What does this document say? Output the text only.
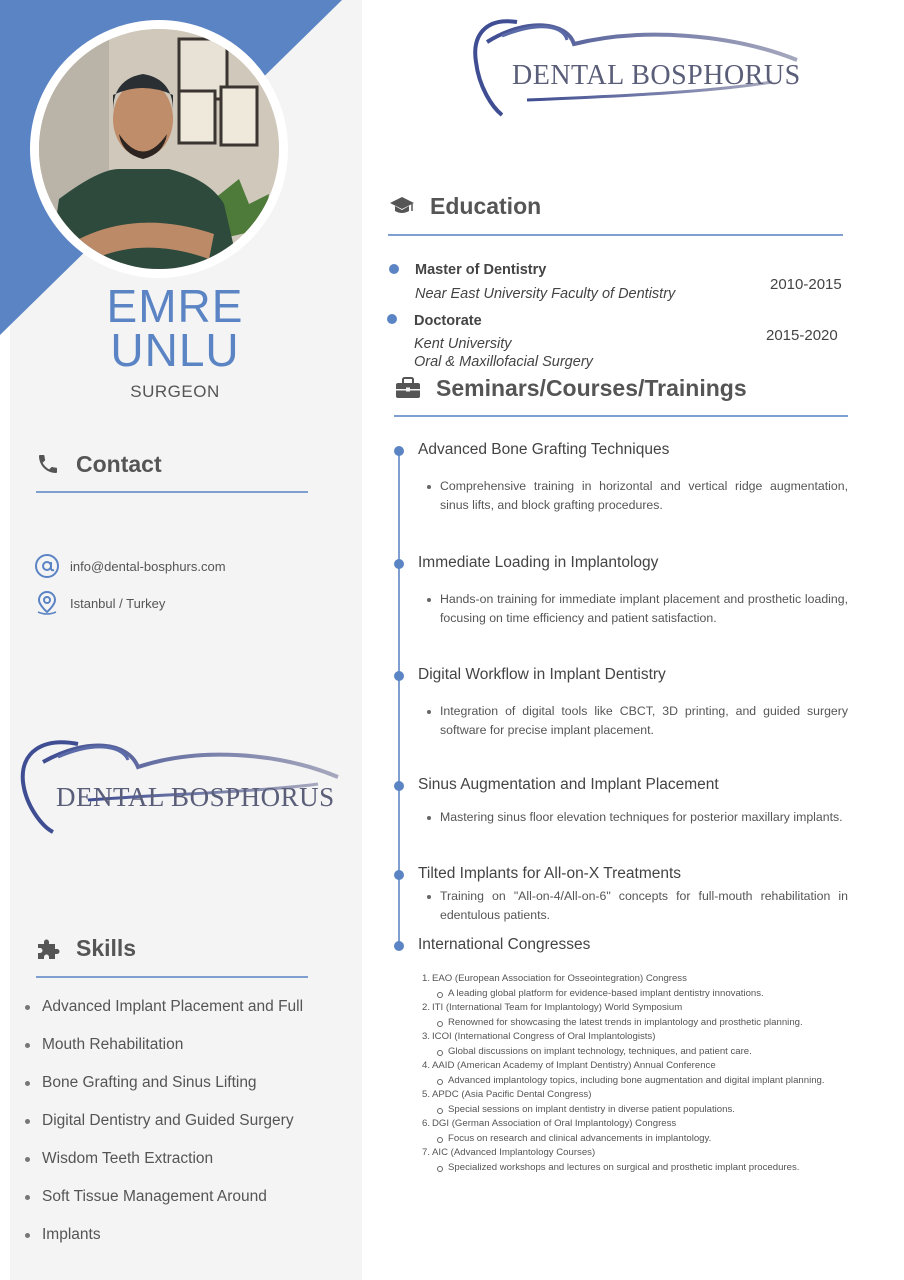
EMRE
UNLU
SURGEON
Contact
info@dental-bosphurs.com
Istanbul / Turkey
DENTAL BOSPHORUS
Skills
Advanced Implant Placement and Full
Mouth Rehabilitation
Bone Grafting and Sinus Lifting
Digital Dentistry and Guided Surgery
Wisdom Teeth Extraction
Soft Tissue Management Around
Implants
DENTAL BOSPHORUS
Education
Master of Dentistry
Near East University Faculty of Dentistry
2010-2015
Doctorate
Kent University
Oral & Maxillofacial Surgery
2015-2020
Seminars/Courses/Trainings
Advanced Bone Grafting Techniques
Comprehensive training in horizontal and vertical ridge augmentation, sinus lifts, and block grafting procedures.
Immediate Loading in Implantology
Hands-on training for immediate implant placement and prosthetic loading, focusing on time efficiency and patient satisfaction.
Digital Workflow in Implant Dentistry
Integration of digital tools like CBCT, 3D printing, and guided surgery software for precise implant placement.
Sinus Augmentation and Implant Placement
Mastering sinus floor elevation techniques for posterior maxillary implants.
Tilted Implants for All-on-X Treatments
Training on "All-on-4/All-on-6" concepts for full-mouth rehabilitation in edentulous patients.
International Congresses
1. EAO (European Association for Osseointegration) Congress
A leading global platform for evidence-based implant dentistry innovations.
2. ITI (International Team for Implantology) World Symposium
Renowned for showcasing the latest trends in implantology and prosthetic planning.
3. ICOI (International Congress of Oral Implantologists)
Global discussions on implant technology, techniques, and patient care.
4. AAID (American Academy of Implant Dentistry) Annual Conference
Advanced implantology topics, including bone augmentation and digital implant planning.
5. APDC (Asia Pacific Dental Congress)
Special sessions on implant dentistry in diverse patient populations.
6. DGI (German Association of Oral Implantology) Congress
Focus on research and clinical advancements in implantology.
7. AIC (Advanced Implantology Courses)
Specialized workshops and lectures on surgical and prosthetic implant procedures.
